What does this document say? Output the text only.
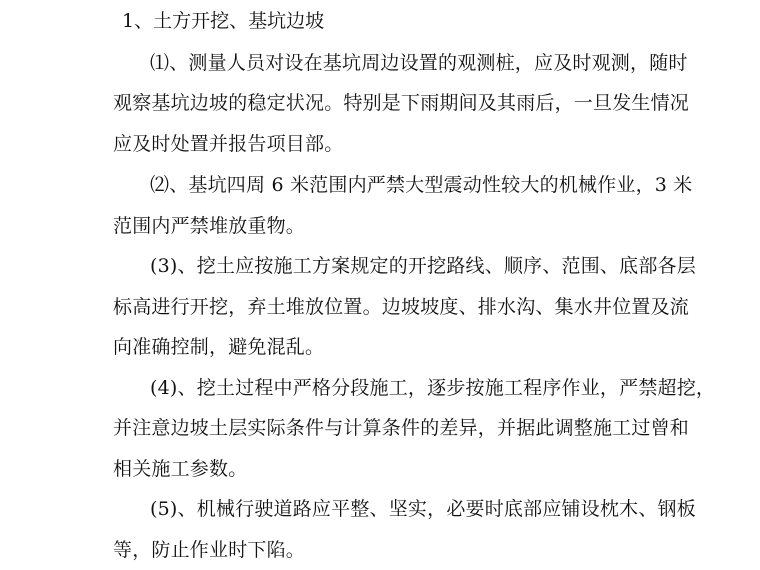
1、土方开挖、基坑边坡
⑴、测量人员对设在基坑周边设置的观测桩，应及时观测，随时
观察基坑边坡的稳定状况。特别是下雨期间及其雨后，一旦发生情况
应及时处置并报告项目部。
⑵、基坑四周 6 米范围内严禁大型震动性较大的机械作业，3 米
范围内严禁堆放重物。
(3)、挖土应按施工方案规定的开挖路线、顺序、范围、底部各层
标高进行开挖，弃土堆放位置。边坡坡度、排水沟、集水井位置及流
向准确控制，避免混乱。
(4)、挖土过程中严格分段施工，逐步按施工程序作业，严禁超挖，
并注意边坡土层实际条件与计算条件的差异，并据此调整施工过曾和
相关施工参数。
(5)、机械行驶道路应平整、坚实，必要时底部应铺设枕木、钢板
等，防止作业时下陷。
